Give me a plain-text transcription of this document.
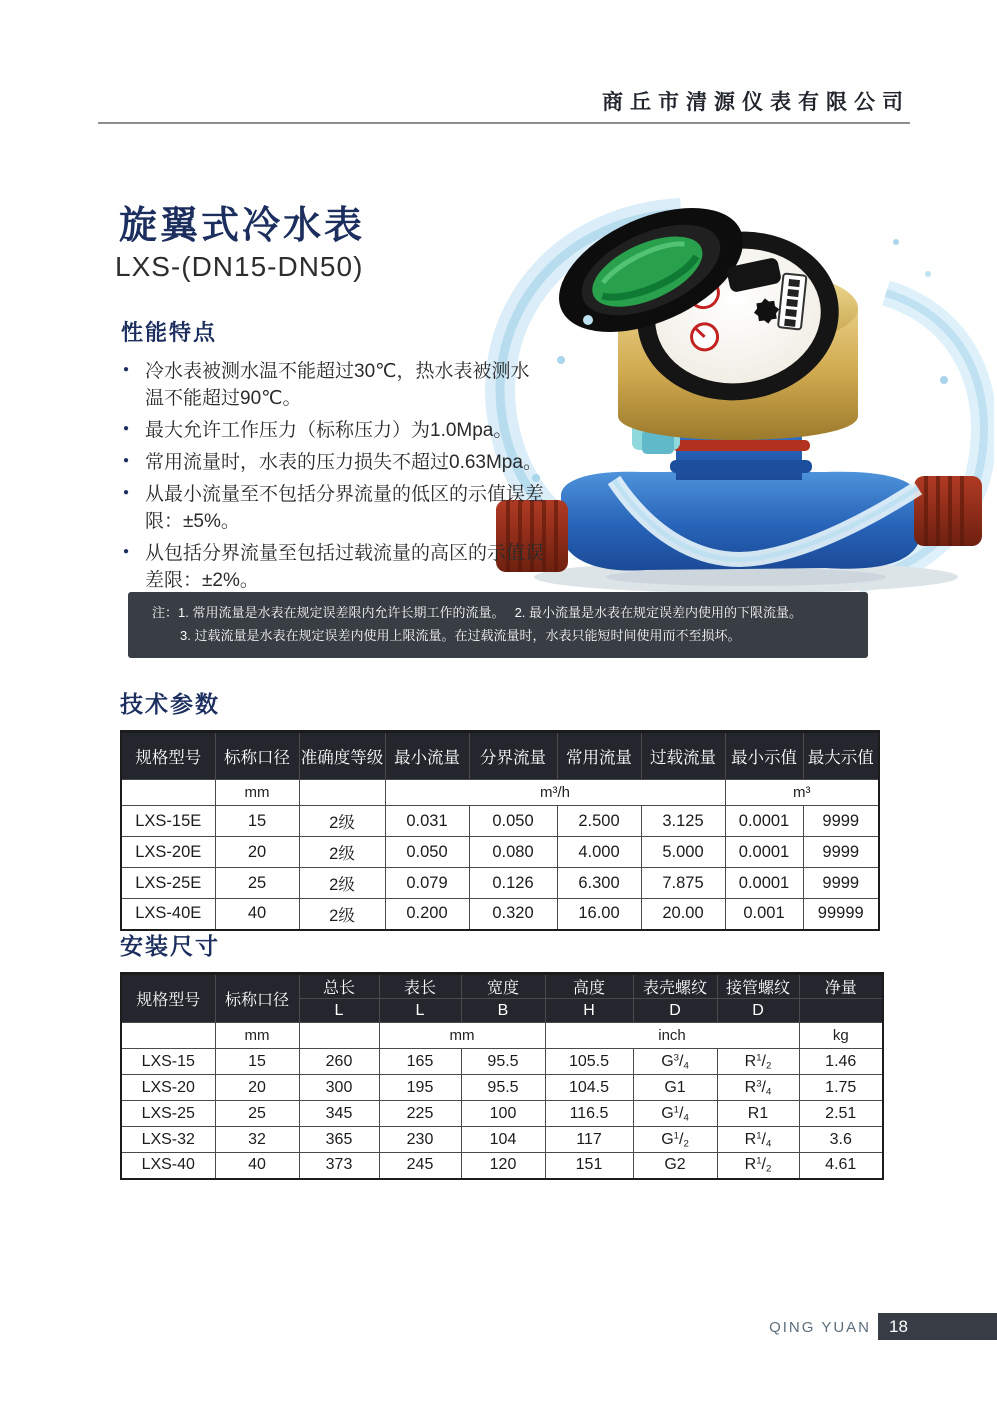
商丘市清源仪表有限公司
旋翼式冷水表
LXS-(DN15-DN50)
性能特点
● 冷水表被测水温不能超过30℃，热水表被测水温不能超过90℃。
● 最大允许工作压力（标称压力）为1.0Mpa。
● 常用流量时，水表的压力损失不超过0.63Mpa。
● 从最小流量至不包括分界流量的低区的示值误差限：±5%。
● 从包括分界流量至包括过载流量的高区的示值误差限：±2%。
注：1. 常用流量是水表在规定误差限内允许长期工作的流量。　 2. 最小流量是水表在规定误差内使用的下限流量。
3. 过载流量是水表在规定误差内使用上限流量。在过载流量时，水表只能短时间使用而不至损坏。
技术参数
规格型号	标称口径	准确度等级	最小流量	分界流量	常用流量	过载流量	最小示值	最大示值
	mm		m³/h				m³	
LXS-15E	15	2级	0.031	0.050	2.500	3.125	0.0001	9999
LXS-20E	20	2级	0.050	0.080	4.000	5.000	0.0001	9999
LXS-25E	25	2级	0.079	0.126	6.300	7.875	0.0001	9999
LXS-40E	40	2级	0.200	0.320	16.00	20.00	0.001	99999
安装尺寸
规格型号	标称口径	总长	表长	宽度	高度	表壳螺纹	接管螺纹	净量
		L	L	B	H	D	D	
	mm		mm		inch			kg
LXS-15	15	260	165	95.5	105.5	$G^3/_4$	$R^1/_2$	1.46
LXS-20	20	300	195	95.5	104.5	G1	$R^3/_4$	1.75
LXS-25	25	345	225	100	116.5	$G^1/_4$	R1	2.51
LXS-32	32	365	230	104	117	$G^1/_2$	$R^1/_4$	3.6
LXS-40	40	373	245	120	151	G2	$R^1/_2$	4.61
QING YUAN	18
